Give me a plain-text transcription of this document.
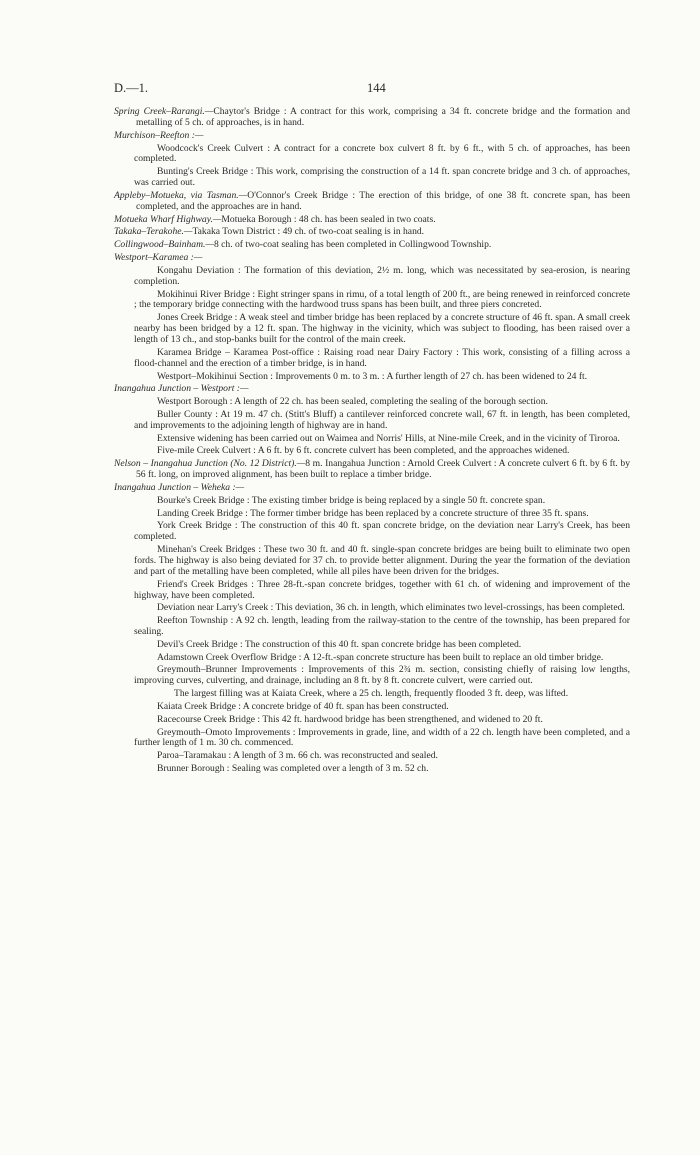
D.—1.	144

Spring Creek–Rarangi.—Chaytor's Bridge : A contract for this work, comprising a 34 ft. concrete bridge and the formation and metalling of 5 ch. of approaches, is in hand.

Murchison–Reefton :—

Woodcock's Creek Culvert : A contract for a concrete box culvert 8 ft. by 6 ft., with 5 ch. of approaches, has been completed.

Bunting's Creek Bridge : This work, comprising the construction of a 14 ft. span concrete bridge and 3 ch. of approaches, was carried out.

Appleby–Motueka, via Tasman.—O'Connor's Creek Bridge : The erection of this bridge, of one 38 ft. concrete span, has been completed, and the approaches are in hand.

Motueka Wharf Highway.—Motueka Borough : 48 ch. has been sealed in two coats.

Takaka–Terakohe.—Takaka Town District : 49 ch. of two-coat sealing is in hand.

Collingwood–Bainham.—8 ch. of two-coat sealing has been completed in Collingwood Township.

Westport–Karamea :—

Kongahu Deviation : The formation of this deviation, 2½ m. long, which was necessitated by sea-erosion, is nearing completion.

Mokihinui River Bridge : Eight stringer spans in rimu, of a total length of 200 ft., are being renewed in reinforced concrete ; the temporary bridge connecting with the hardwood truss spans has been built, and three piers concreted.

Jones Creek Bridge : A weak steel and timber bridge has been replaced by a concrete structure of 46 ft. span. A small creek nearby has been bridged by a 12 ft. span. The highway in the vicinity, which was subject to flooding, has been raised over a length of 13 ch., and stop-banks built for the control of the main creek.

Karamea Bridge – Karamea Post-office : Raising road near Dairy Factory : This work, consisting of a filling across a flood-channel and the erection of a timber bridge, is in hand.

Westport–Mokihinui Section : Improvements 0 m. to 3 m. : A further length of 27 ch. has been widened to 24 ft.

Inangahua Junction – Westport :—

Westport Borough : A length of 22 ch. has been sealed, completing the sealing of the borough section.

Buller County : At 19 m. 47 ch. (Stitt's Bluff) a cantilever reinforced concrete wall, 67 ft. in length, has been completed, and improvements to the adjoining length of highway are in hand.

Extensive widening has been carried out on Waimea and Norris' Hills, at Nine-mile Creek, and in the vicinity of Tiroroa.

Five-mile Creek Culvert : A 6 ft. by 6 ft. concrete culvert has been completed, and the approaches widened.

Nelson – Inangahua Junction (No. 12 District).—8 m. Inangahua Junction : Arnold Creek Culvert : A concrete culvert 6 ft. by 6 ft. by 56 ft. long, on improved alignment, has been built to replace a timber bridge.

Inangahua Junction – Weheka :—

Bourke's Creek Bridge : The existing timber bridge is being replaced by a single 50 ft. concrete span.

Landing Creek Bridge : The former timber bridge has been replaced by a concrete structure of three 35 ft. spans.

York Creek Bridge : The construction of this 40 ft. span concrete bridge, on the deviation near Larry's Creek, has been completed.

Minehan's Creek Bridges : These two 30 ft. and 40 ft. single-span concrete bridges are being built to eliminate two open fords. The highway is also being deviated for 37 ch. to provide better alignment. During the year the formation of the deviation and part of the metalling have been completed, while all piles have been driven for the bridges.

Friend's Creek Bridges : Three 28-ft.-span concrete bridges, together with 61 ch. of widening and improvement of the highway, have been completed.

Deviation near Larry's Creek : This deviation, 36 ch. in length, which eliminates two level-crossings, has been completed.

Reefton Township : A 92 ch. length, leading from the railway-station to the centre of the township, has been prepared for sealing.

Devil's Creek Bridge : The construction of this 40 ft. span concrete bridge has been completed.

Adamstown Creek Overflow Bridge : A 12-ft.-span concrete structure has been built to replace an old timber bridge.

Greymouth–Brunner Improvements : Improvements of this 2¾ m. section, consisting chiefly of raising low lengths, improving curves, culverting, and drainage, including an 8 ft. by 8 ft. concrete culvert, were carried out.

The largest filling was at Kaiata Creek, where a 25 ch. length, frequently flooded 3 ft. deep, was lifted.

Kaiata Creek Bridge : A concrete bridge of 40 ft. span has been constructed.

Racecourse Creek Bridge : This 42 ft. hardwood bridge has been strengthened, and widened to 20 ft.

Greymouth–Omoto Improvements : Improvements in grade, line, and width of a 22 ch. length have been completed, and a further length of 1 m. 30 ch. commenced.

Paroa–Taramakau : A length of 3 m. 66 ch. was reconstructed and sealed.

Brunner Borough : Sealing was completed over a length of 3 m. 52 ch.
